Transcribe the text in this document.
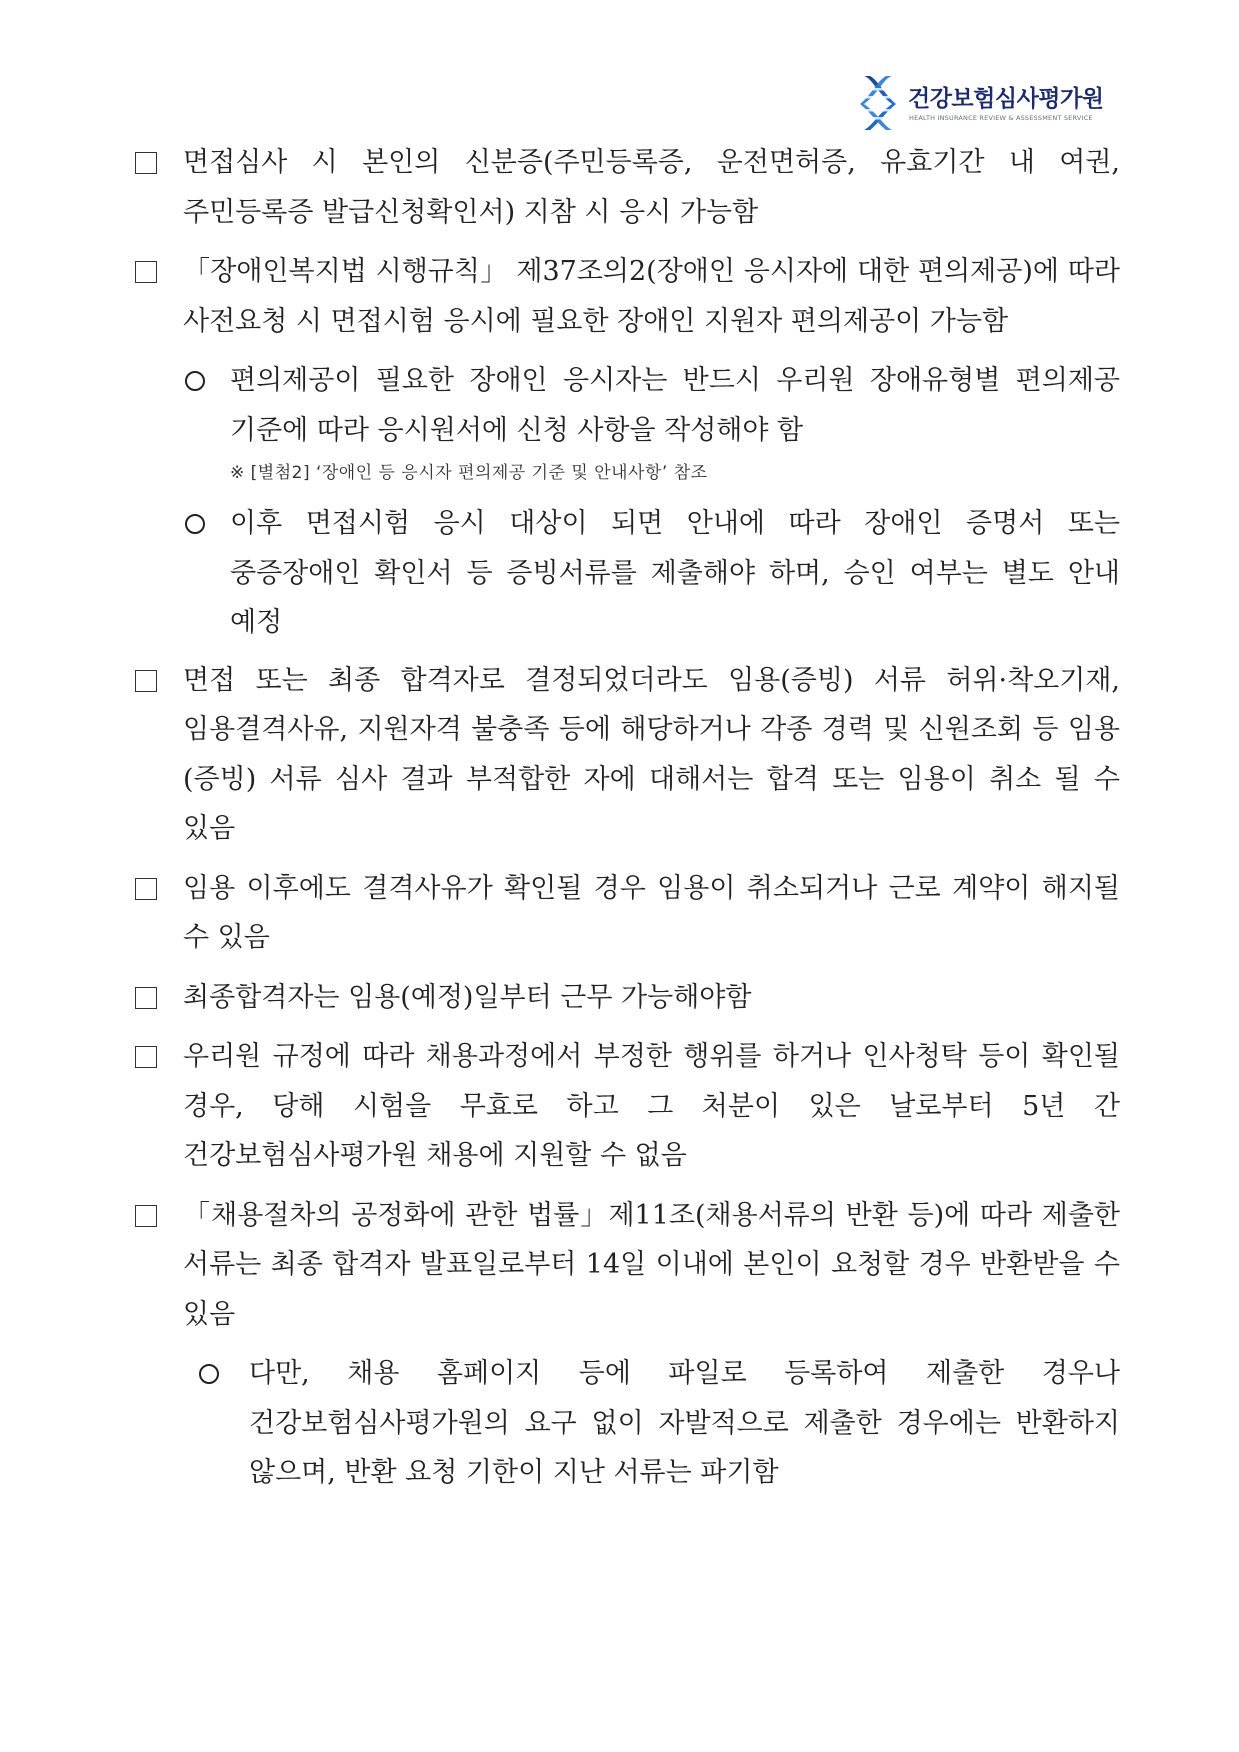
건강보험심사평가원
HEALTH INSURANCE REVIEW & ASSESSMENT SERVICE
면접심사 시 본인의 신분증(주민등록증, 운전면허증, 유효기간 내 여권, 주민등록증 발급신청확인서) 지참 시 응시 가능함
「장애인복지법 시행규칙」 제37조의2(장애인 응시자에 대한 편의제공)에 따라 사전요청 시 면접시험 응시에 필요한 장애인 지원자 편의제공이 가능함
편의제공이 필요한 장애인 응시자는 반드시 우리원 장애유형별 편의제공 기준에 따라 응시원서에 신청 사항을 작성해야 함
※ [별첨2] ‘장애인 등 응시자 편의제공 기준 및 안내사항’ 참조
이후 면접시험 응시 대상이 되면 안내에 따라 장애인 증명서 또는 중증장애인 확인서 등 증빙서류를 제출해야 하며, 승인 여부는 별도 안내 예정
면접 또는 최종 합격자로 결정되었더라도 임용(증빙) 서류 허위·착오기재, 임용결격사유, 지원자격 불충족 등에 해당하거나 각종 경력 및 신원조회 등 임용(증빙) 서류 심사 결과 부적합한 자에 대해서는 합격 또는 임용이 취소 될 수 있음
임용 이후에도 결격사유가 확인될 경우 임용이 취소되거나 근로 계약이 해지될 수 있음
최종합격자는 임용(예정)일부터 근무 가능해야함
우리원 규정에 따라 채용과정에서 부정한 행위를 하거나 인사청탁 등이 확인될 경우, 당해 시험을 무효로 하고 그 처분이 있은 날로부터 5년 간 건강보험심사평가원 채용에 지원할 수 없음
「채용절차의 공정화에 관한 법률」제11조(채용서류의 반환 등)에 따라 제출한 서류는 최종 합격자 발표일로부터 14일 이내에 본인이 요청할 경우 반환받을 수 있음
다만, 채용 홈페이지 등에 파일로 등록하여 제출한 경우나 건강보험심사평가원의 요구 없이 자발적으로 제출한 경우에는 반환하지 않으며, 반환 요청 기한이 지난 서류는 파기함
